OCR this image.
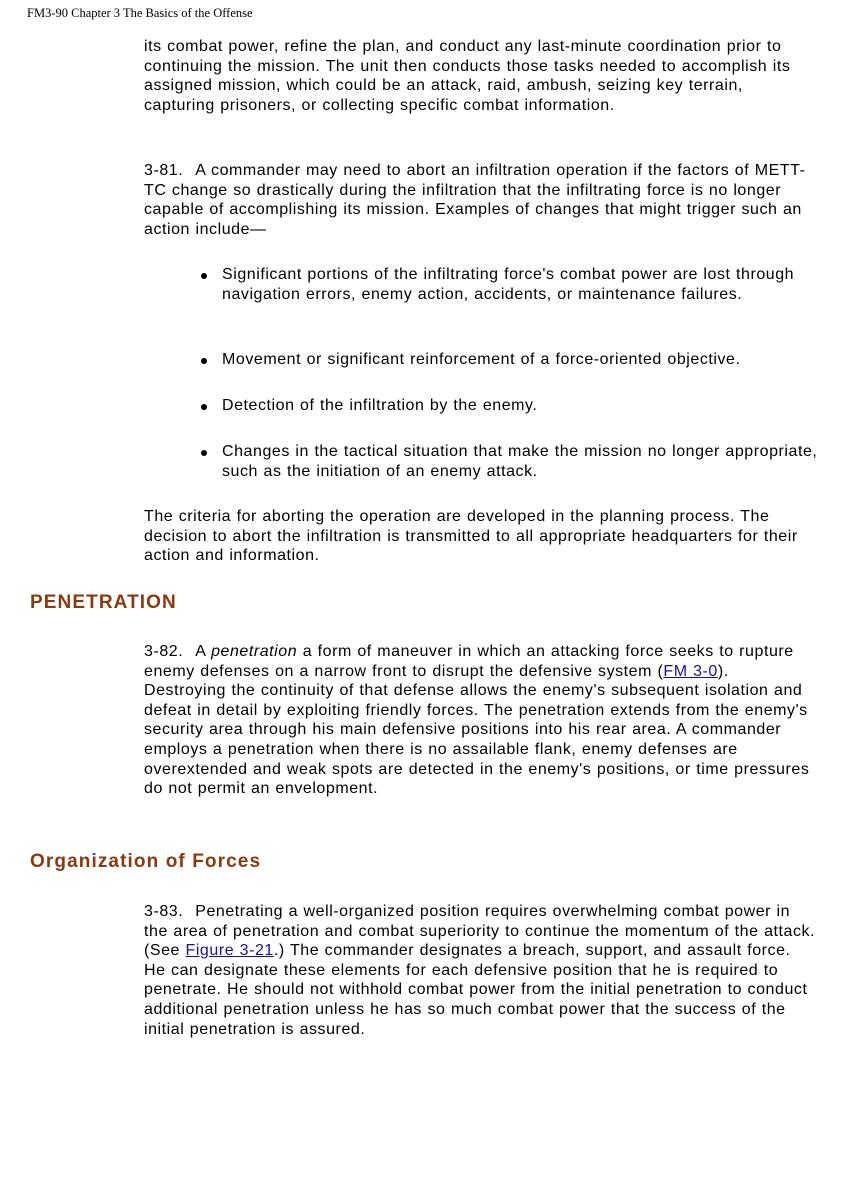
FM3-90 Chapter 3 The Basics of the Offense

its combat power, refine the plan, and conduct any last-minute coordination prior to continuing the mission. The unit then conducts those tasks needed to accomplish its assigned mission, which could be an attack, raid, ambush, seizing key terrain, capturing prisoners, or collecting specific combat information.

3-81. A commander may need to abort an infiltration operation if the factors of METT-TC change so drastically during the infiltration that the infiltrating force is no longer capable of accomplishing its mission. Examples of changes that might trigger such an action include—

Significant portions of the infiltrating force's combat power are lost through navigation errors, enemy action, accidents, or maintenance failures.
Movement or significant reinforcement of a force-oriented objective.
Detection of the infiltration by the enemy.
Changes in the tactical situation that make the mission no longer appropriate, such as the initiation of an enemy attack.

The criteria for aborting the operation are developed in the planning process. The decision to abort the infiltration is transmitted to all appropriate headquarters for their action and information.

PENETRATION

3-82. A penetration a form of maneuver in which an attacking force seeks to rupture enemy defenses on a narrow front to disrupt the defensive system (FM 3-0). Destroying the continuity of that defense allows the enemy's subsequent isolation and defeat in detail by exploiting friendly forces. The penetration extends from the enemy's security area through his main defensive positions into his rear area. A commander employs a penetration when there is no assailable flank, enemy defenses are overextended and weak spots are detected in the enemy's positions, or time pressures do not permit an envelopment.

Organization of Forces

3-83. Penetrating a well-organized position requires overwhelming combat power in the area of penetration and combat superiority to continue the momentum of the attack. (See Figure 3-21.) The commander designates a breach, support, and assault force. He can designate these elements for each defensive position that he is required to penetrate. He should not withhold combat power from the initial penetration to conduct additional penetration unless he has so much combat power that the success of the initial penetration is assured.
